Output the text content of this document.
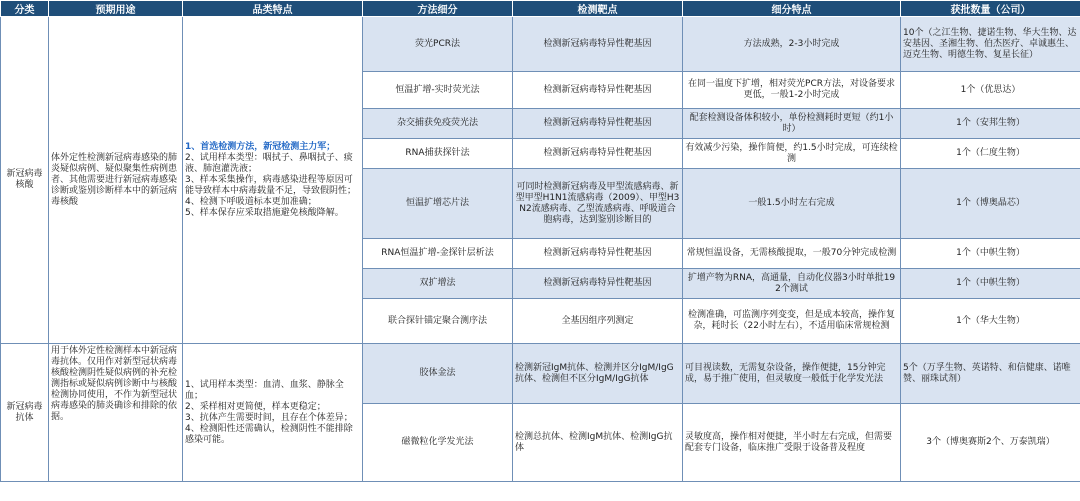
分类	预期用途	品类特点	方法细分	检测靶点	细分特点	获批数量（公司）
新冠病毒核酸	体外定性检测新冠病毒感染的肺炎疑似病例、疑似聚集性病例患者、其他需要进行新冠病毒感染诊断或鉴别诊断样本中的新冠病毒核酸	1、首选检测方法，新冠检测主力军；
2、试用样本类型：咽拭子、鼻咽拭子、痰液、肺泡灌洗液；
3、样本采集操作，病毒感染进程等原因可能导致样本中病毒载量不足，导致假阴性；
4、检测下呼吸道标本更加准确；
5、样本保存应采取措施避免核酸降解。	荧光PCR法	检测新冠病毒特异性靶基因	方法成熟，2-3小时完成	10个（之江生物、捷诺生物、华大生物、达安基因、圣湘生物、伯杰医疗、卓诚惠生、迈克生物、明德生物、复星长征）
			恒温扩增-实时荧光法	检测新冠病毒特异性靶基因	在同一温度下扩增，相对荧光PCR方法，对设备要求更低，一般1-2小时完成	1个（优思达）
			杂交捕获免疫荧光法	检测新冠病毒特异性靶基因	配套检测设备体积较小，单份检测耗时更短（约1小时）	1个（安邦生物）
			RNA捕获探针法	检测新冠病毒特异性靶基因	有效减少污染，操作简便，约1.5小时完成，可连续检测	1个（仁度生物）
			恒温扩增芯片法	可同时检测新冠病毒及甲型流感病毒、新型甲型H1N1流感病毒（2009）、甲型H3N2流感病毒、乙型流感病毒、呼吸道合胞病毒，达到鉴别诊断目的	一般1.5小时左右完成	1个（博奥晶芯）
			RNA恒温扩增-金探针层析法	检测新冠病毒特异性靶基因	常规恒温设备，无需核酸提取，一般70分钟完成检测	1个（中帜生物）
			双扩增法	检测新冠病毒特异性靶基因	扩增产物为RNA，高通量，自动化仪器3小时单批192个测试	1个（中帜生物）
			联合探针锚定聚合测序法	全基因组序列测定	检测准确，可监测序列变变，但是成本较高，操作复杂，耗时长（22小时左右），不适用临床常规检测	1个（华大生物）
新冠病毒抗体	用于体外定性检测样本中新冠病毒抗体。仅用作对新型冠状病毒核酸检测阴性疑似病例的补充检测指标或疑似病例诊断中与核酸检测协同使用，不作为新型冠状病毒感染的肺炎确诊和排除的依据。	1、试用样本类型：血清、血浆、静脉全血；
2、采样相对更简便，样本更稳定；
3、抗体产生需要时间，且存在个体差异；
4、检测阳性还需确认，检测阴性不能排除感染可能。	胶体金法	检测新冠IgM抗体、检测并区分IgM/IgG抗体、检测但不区分IgM/IgG抗体	可目视读数，无需复杂设备，操作便捷，15分钟完成，易于推广使用，但灵敏度一般低于化学发光法	5个（万孚生物、英诺特、和信健康、诺唯赞、丽珠试剂）
			磁微粒化学发光法	检测总抗体、检测IgM抗体、检测IgG抗体	灵敏度高，操作相对便捷，半小时左右完成，但需要配套专门设备，临床推广受限于设备普及程度	3个（博奥赛斯2个、万泰凯瑞）
